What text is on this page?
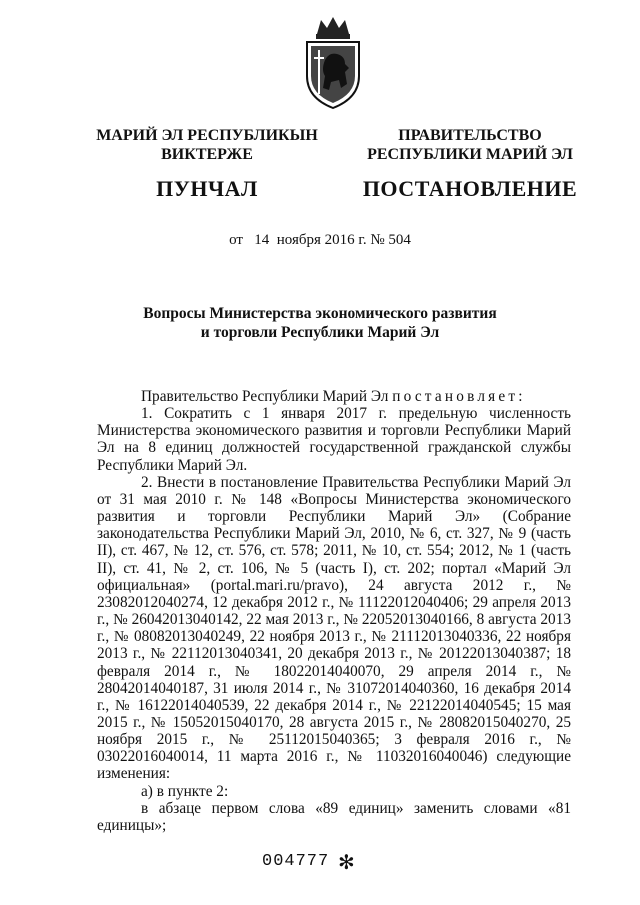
МАРИЙ ЭЛ РЕСПУБЛИКЫН
ВИКТЕРЖЕ
ПУНЧАЛ
ПРАВИТЕЛЬСТВО
РЕСПУБЛИКИ МАРИЙ ЭЛ
ПОСТАНОВЛЕНИЕ
от 14 ноября 2016 г. № 504
Вопросы Министерства экономического развития
и торговли Республики Марий Эл

Правительство Республики Марий Эл постановляет:

1. Сократить с 1 января 2017 г. предельную численность Министерства экономического развития и торговли Республики Марий Эл на 8 единиц должностей государственной гражданской службы Республики Марий Эл.

2. Внести в постановление Правительства Республики Марий Эл от 31 мая 2010 г. № 148 «Вопросы Министерства экономического развития и торговли Республики Марий Эл» (Собрание законодательства Республики Марий Эл, 2010, № 6, ст. 327, № 9 (часть II), ст. 467, № 12, ст. 576, ст. 578; 2011, № 10, ст. 554; 2012, № 1 (часть II), ст. 41, № 2, ст. 106, № 5 (часть I), ст. 202; портал «Марий Эл официальная» (portal.mari.ru/pravo), 24 августа 2012 г., № 23082012040274, 12 декабря 2012 г., № 11122012040406; 29 апреля 2013 г., № 26042013040142, 22 мая 2013 г., № 22052013040166, 8 августа 2013 г., № 08082013040249, 22 ноября 2013 г., № 21112013040336, 22 ноября 2013 г., № 22112013040341, 20 декабря 2013 г., № 20122013040387; 18 февраля 2014 г., № 18022014040070, 29 апреля 2014 г., № 28042014040187, 31 июля 2014 г., № 31072014040360, 16 декабря 2014 г., № 16122014040539, 22 декабря 2014 г., № 22122014040545; 15 мая 2015 г., № 15052015040170, 28 августа 2015 г., № 28082015040270, 25 ноября 2015 г., № 25112015040365; 3 февраля 2016 г., № 03022016040014, 11 марта 2016 г., № 11032016040046) следующие изменения:

а) в пункте 2:

в абзаце первом слова «89 единиц» заменить словами «81 единицы»;

004777 ✻
